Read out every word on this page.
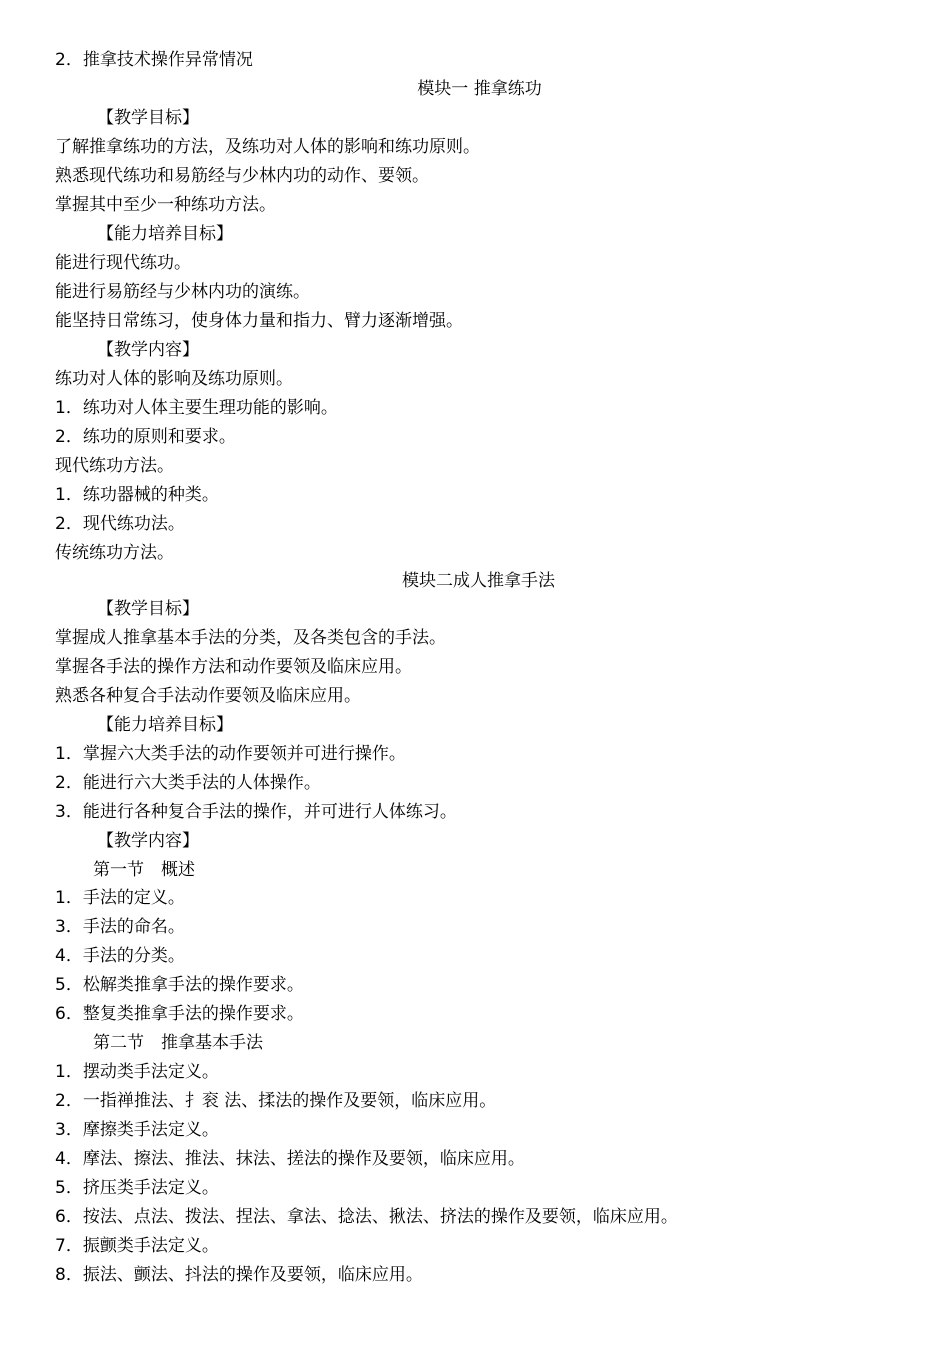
2．推拿技术操作异常情况
模块一 推拿练功
【教学目标】
了解推拿练功的方法，及练功对人体的影响和练功原则。
熟悉现代练功和易筋经与少林内功的动作、要领。
掌握其中至少一种练功方法。
【能力培养目标】
能进行现代练功。
能进行易筋经与少林内功的演练。
能坚持日常练习，使身体力量和指力、臂力逐渐增强。
【教学内容】
练功对人体的影响及练功原则。
1．练功对人体主要生理功能的影响。
2．练功的原则和要求。
现代练功方法。
1．练功器械的种类。
2．现代练功法。
传统练功方法。
模块二成人推拿手法
【教学目标】
掌握成人推拿基本手法的分类，及各类包含的手法。
掌握各手法的操作方法和动作要领及临床应用。
熟悉各种复合手法动作要领及临床应用。
【能力培养目标】
1．掌握六大类手法的动作要领并可进行操作。
2．能进行六大类手法的人体操作。
3．能进行各种复合手法的操作，并可进行人体练习。
【教学内容】
第一节　概述
1．手法的定义。
3．手法的命名。
4．手法的分类。
5．松解类推拿手法的操作要求。
6．整复类推拿手法的操作要求。
第二节　推拿基本手法
1．摆动类手法定义。
2．一指禅推法、扌衮 法、揉法的操作及要领，临床应用。
3．摩擦类手法定义。
4．摩法、擦法、推法、抹法、搓法的操作及要领，临床应用。
5．挤压类手法定义。
6．按法、点法、拨法、捏法、拿法、捻法、揪法、挤法的操作及要领，临床应用。
7．振颤类手法定义。
8．振法、颤法、抖法的操作及要领，临床应用。
